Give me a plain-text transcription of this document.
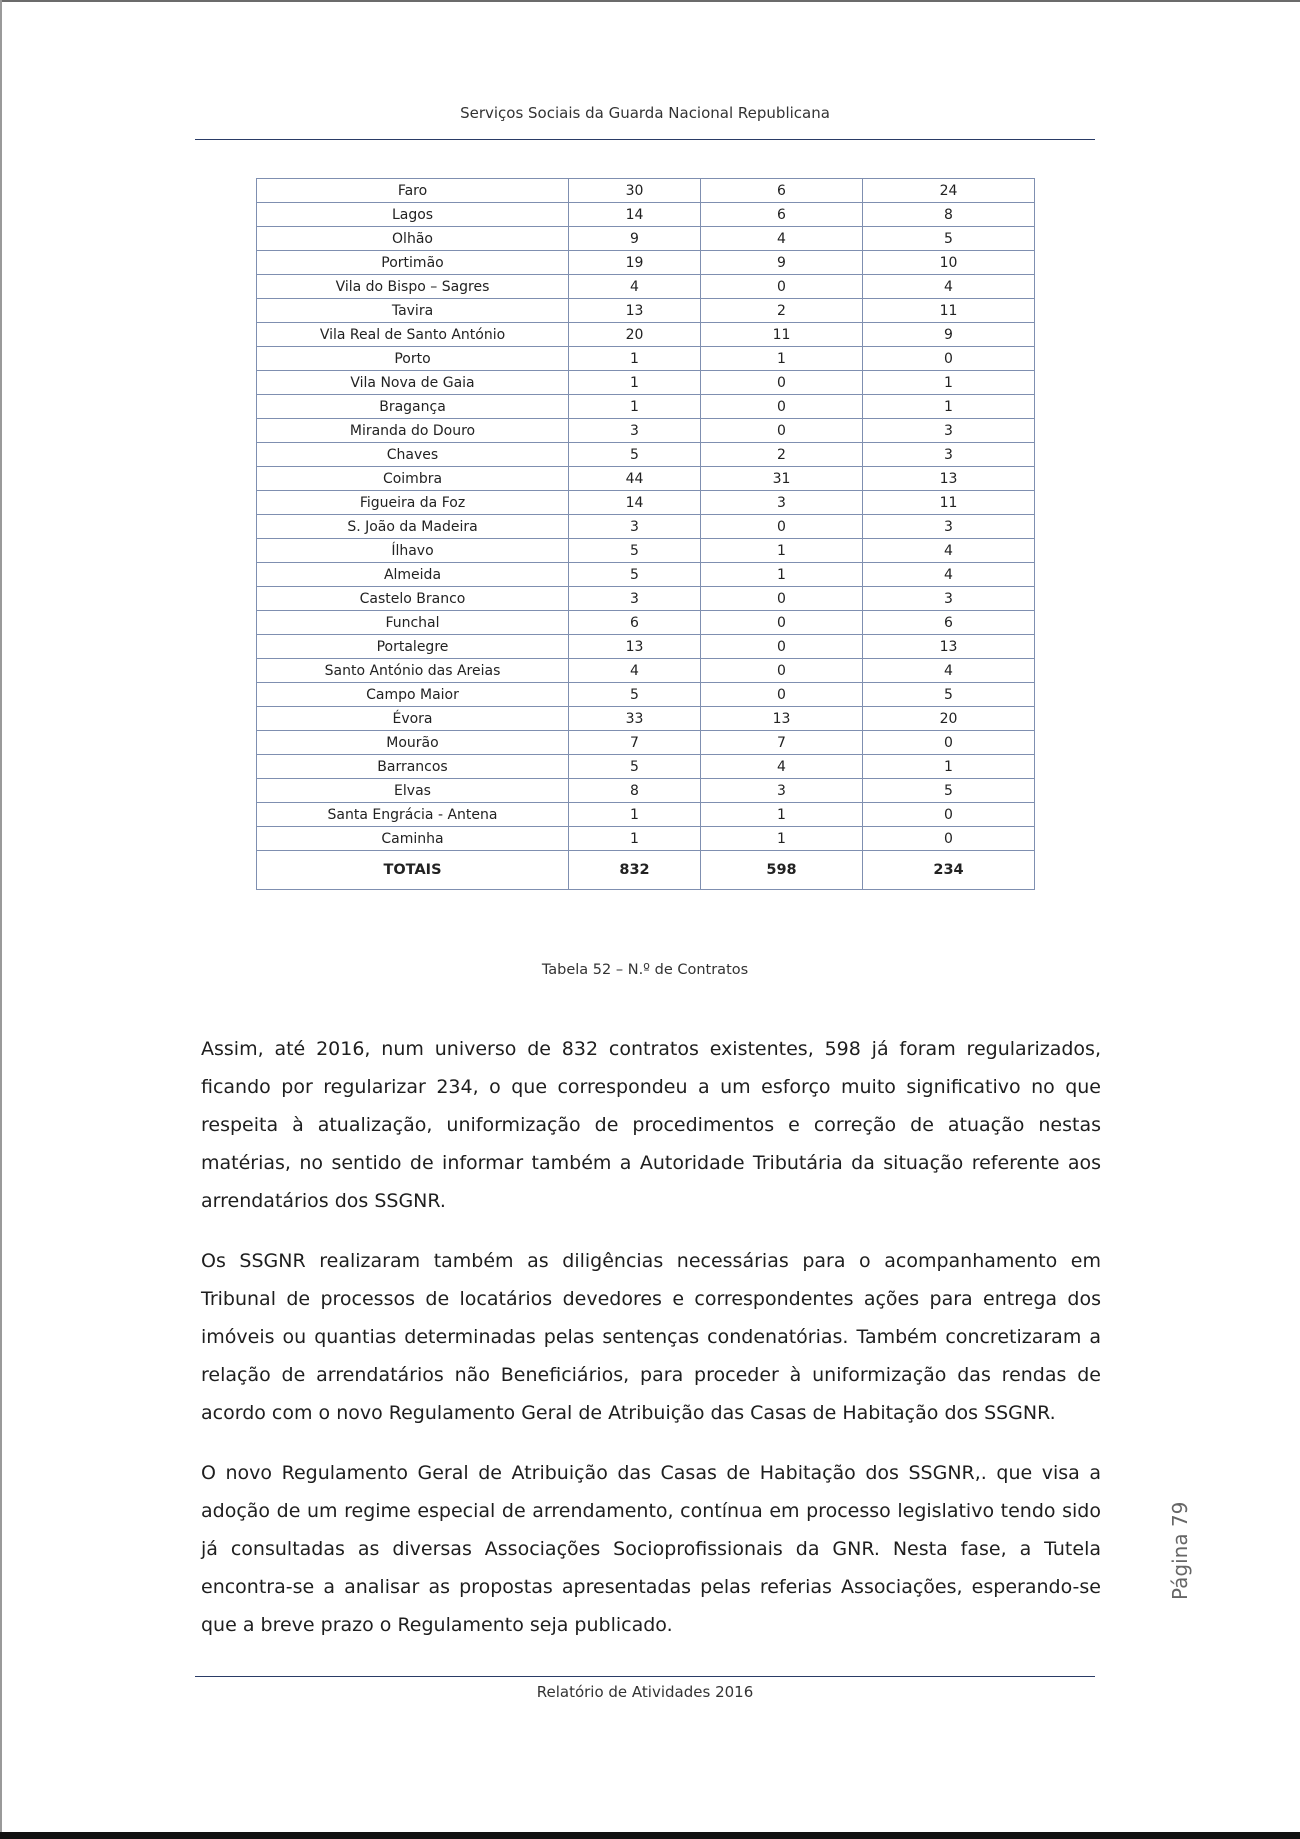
Serviços Sociais da Guarda Nacional Republicana
Faro	30	6	24
Lagos	14	6	8
Olhão	9	4	5
Portimão	19	9	10
Vila do Bispo – Sagres	4	0	4
Tavira	13	2	11
Vila Real de Santo António	20	11	9
Porto	1	1	0
Vila Nova de Gaia	1	0	1
Bragança	1	0	1
Miranda do Douro	3	0	3
Chaves	5	2	3
Coimbra	44	31	13
Figueira da Foz	14	3	11
S. João da Madeira	3	0	3
Ílhavo	5	1	4
Almeida	5	1	4
Castelo Branco	3	0	3
Funchal	6	0	6
Portalegre	13	0	13
Santo António das Areias	4	0	4
Campo Maior	5	0	5
Évora	33	13	20
Mourão	7	7	0
Barrancos	5	4	1
Elvas	8	3	5
Santa Engrácia - Antena	1	1	0
Caminha	1	1	0
TOTAIS	832	598	234
Tabela 52 – N.º de Contratos

Assim, até 2016, num universo de 832 contratos existentes, 598 já foram regularizados, ficando por regularizar 234, o que correspondeu a um esforço muito significativo no que respeita à atualização, uniformização de procedimentos e correção de atuação nestas matérias, no sentido de informar também a Autoridade Tributária da situação referente aos arrendatários dos SSGNR.

Os SSGNR realizaram também as diligências necessárias para o acompanhamento em Tribunal de processos de locatários devedores e correspondentes ações para entrega dos imóveis ou quantias determinadas pelas sentenças condenatórias. Também concretizaram a relação de arrendatários não Beneficiários, para proceder à uniformização das rendas de acordo com o novo Regulamento Geral de Atribuição das Casas de Habitação dos SSGNR.

O novo Regulamento Geral de Atribuição das Casas de Habitação dos SSGNR,. que visa a adoção de um regime especial de arrendamento, contínua em processo legislativo tendo sido já consultadas as diversas Associações Socioprofissionais da GNR. Nesta fase, a Tutela encontra-se a analisar as propostas apresentadas pelas referias Associações, esperando-se que a breve prazo o Regulamento seja publicado.

Página 79
Relatório de Atividades 2016
